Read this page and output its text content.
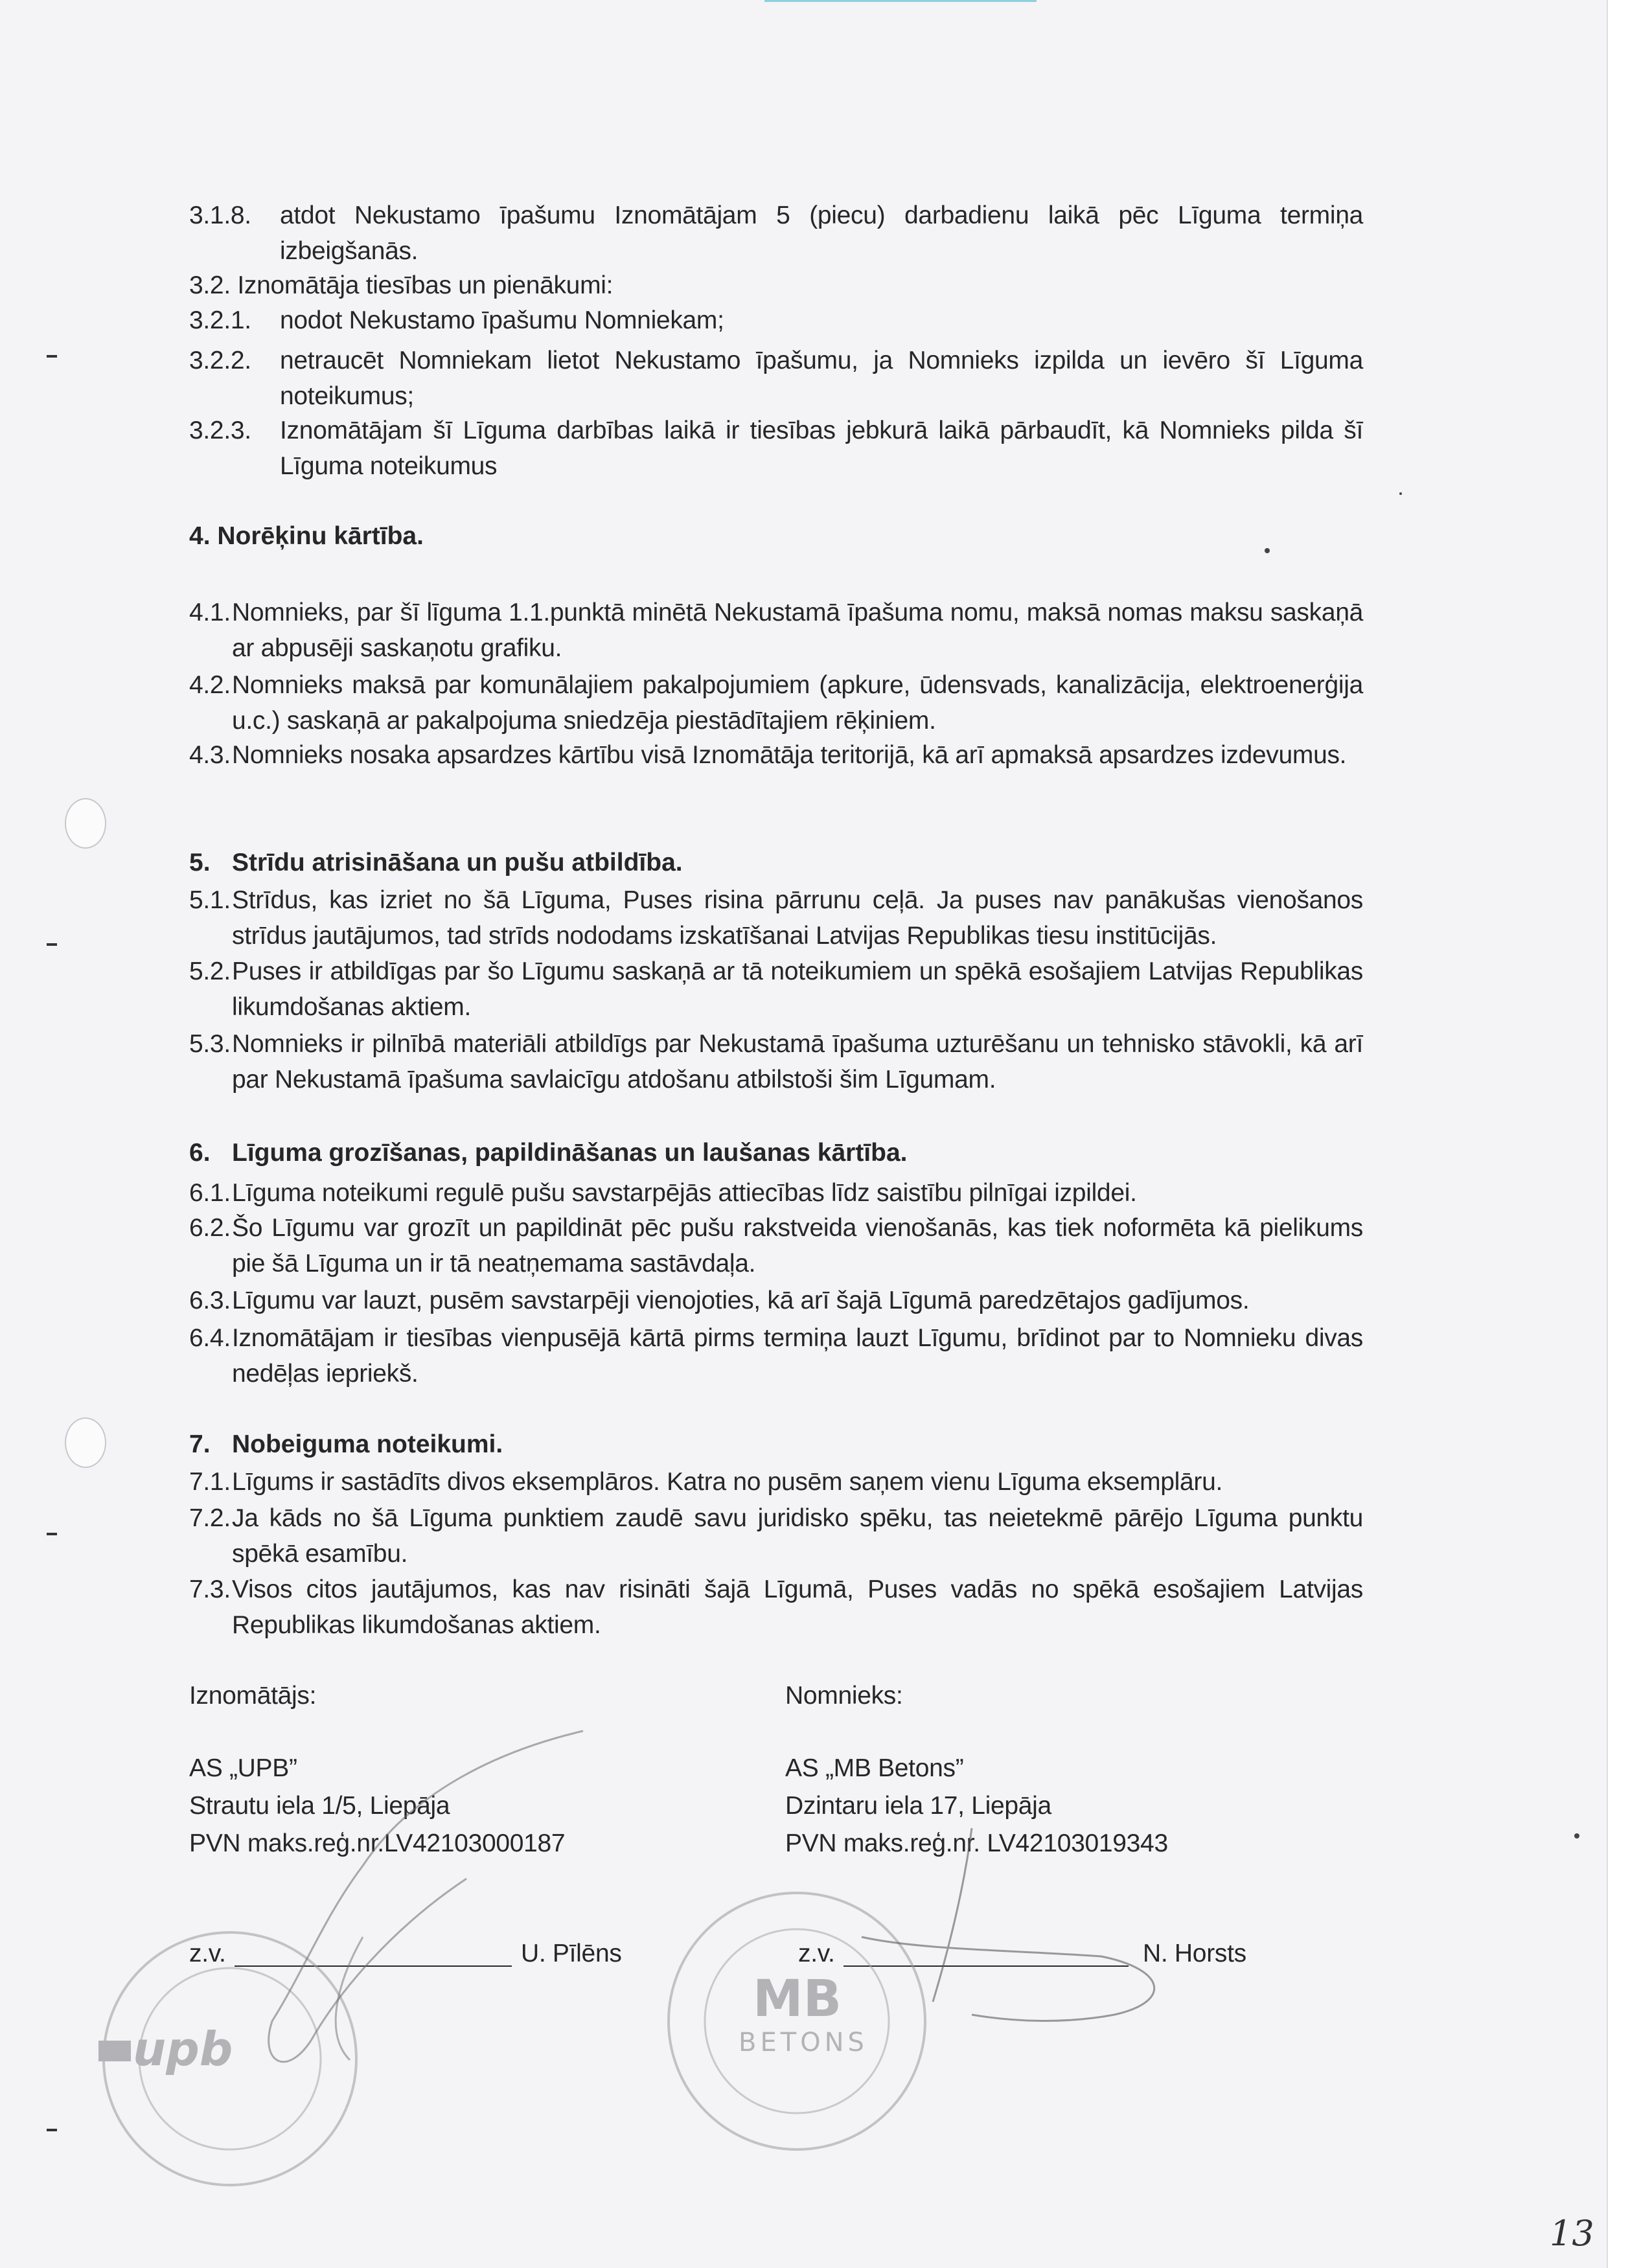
3.1.8. atdot Nekustamo īpašumu Iznomātājam 5 (piecu) darbadienu laikā pēc Līguma termiņa izbeigšanās.
3.2. Iznomātāja tiesības un pienākumi:
3.2.1. nodot Nekustamo īpašumu Nomniekam;
3.2.2. netraucēt Nomniekam lietot Nekustamo īpašumu, ja Nomnieks izpilda un ievēro šī Līguma noteikumus;
3.2.3. Iznomātājam šī Līguma darbības laikā ir tiesības jebkurā laikā pārbaudīt, kā Nomnieks pilda šī Līguma noteikumus
4. Norēķinu kārtība.
4.1. Nomnieks, par šī līguma 1.1.punktā minētā Nekustamā īpašuma nomu, maksā nomas maksu saskaņā ar abpusēji saskaņotu grafiku.
4.2. Nomnieks maksā par komunālajiem pakalpojumiem (apkure, ūdensvads, kanalizācija, elektroenerģija u.c.) saskaņā ar pakalpojuma sniedzēja piestādītajiem rēķiniem.
4.3. Nomnieks nosaka apsardzes kārtību visā Iznomātāja teritorijā, kā arī apmaksā apsardzes izdevumus.
5. Strīdu atrisināšana un pušu atbildība.
5.1. Strīdus, kas izriet no šā Līguma, Puses risina pārrunu ceļā. Ja puses nav panākušas vienošanos strīdus jautājumos, tad strīds nododams izskatīšanai Latvijas Republikas tiesu institūcijās.
5.2. Puses ir atbildīgas par šo Līgumu saskaņā ar tā noteikumiem un spēkā esošajiem Latvijas Republikas likumdošanas aktiem.
5.3. Nomnieks ir pilnībā materiāli atbildīgs par Nekustamā īpašuma uzturēšanu un tehnisko stāvokli, kā arī par Nekustamā īpašuma savlaicīgu atdošanu atbilstoši šim Līgumam.
6. Līguma grozīšanas, papildināšanas un laušanas kārtība.
6.1. Līguma noteikumi regulē pušu savstarpējās attiecības līdz saistību pilnīgai izpildei.
6.2. Šo Līgumu var grozīt un papildināt pēc pušu rakstveida vienošanās, kas tiek noformēta kā pielikums pie šā Līguma un ir tā neatņemama sastāvdaļa.
6.3. Līgumu var lauzt, pusēm savstarpēji vienojoties, kā arī šajā Līgumā paredzētajos gadījumos.
6.4. Iznomātājam ir tiesības vienpusējā kārtā pirms termiņa lauzt Līgumu, brīdinot par to Nomnieku divas nedēļas iepriekš.
7. Nobeiguma noteikumi.
7.1. Līgums ir sastādīts divos eksemplāros. Katra no pusēm saņem vienu Līguma eksemplāru.
7.2. Ja kāds no šā Līguma punktiem zaudē savu juridisko spēku, tas neietekmē pārējo Līguma punktu spēkā esamību.
7.3. Visos citos jautājumos, kas nav risināti šajā Līgumā, Puses vadās no spēkā esošajiem Latvijas Republikas likumdošanas aktiem.
Iznomātājs:
AS „UPB”
Strautu iela 1/5, Liepāja
PVN maks.reģ.nr.LV42103000187
z.v.	U. Pīlēns
Nomnieks:
AS „MB Betons”
Dzintaru iela 17, Liepāja
PVN maks.reģ.nr. LV42103019343
z.v.	N. Horsts
upb
MB
BETONS
13
